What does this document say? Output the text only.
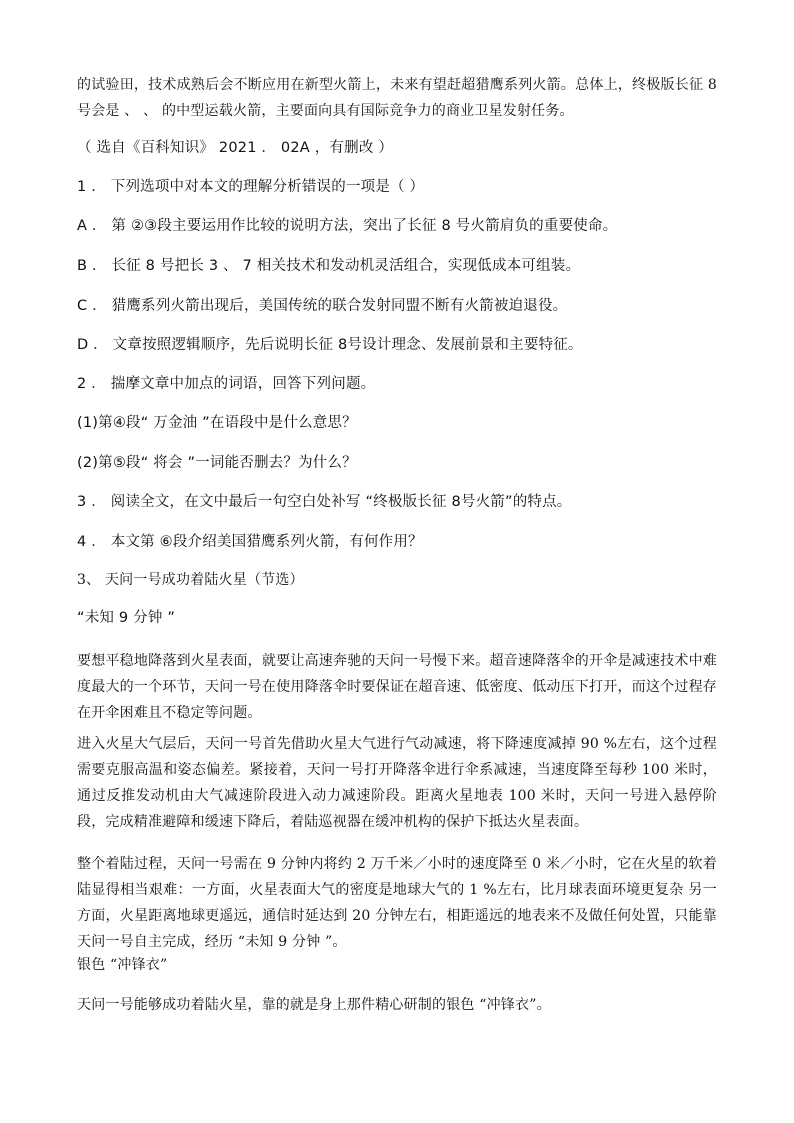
的试验田，技术成熟后会不断应用在新型火箭上，未来有望赶超猎鹰系列火箭。总体上，终极版长征 8 号会是 、 、 的中型运载火箭，主要面向具有国际竞争力的商业卫星发射任务。

（ 选自《百科知识》 2021 ． 02A ，有删改 ）

1 ． 下列选项中对本文的理解分析错误的一项是（ ）

A ． 第 ②③段主要运用作比较的说明方法，突出了长征 8 号火箭肩负的重要使命。

B ． 长征 8 号把长 3 、 7 相关技术和发动机灵活组合，实现低成本可组装。

C ． 猎鹰系列火箭出现后，美国传统的联合发射同盟不断有火箭被迫退役。

D ． 文章按照逻辑顺序，先后说明长征 8号设计理念、发展前景和主要特征。

2 ． 揣摩文章中加点的词语，回答下列问题。

(1)第④段“ 万金油 ”在语段中是什么意思？

(2)第⑤段“ 将会 ”一词能否删去？为什么？

3 ． 阅读全文，在文中最后一句空白处补写 “终极版长征 8号火箭”的特点。

4 ． 本文第 ⑥段介绍美国猎鹰系列火箭，有何作用？

3、 天问一号成功着陆火星（节选）

“未知 9 分钟 ”

要想平稳地降落到火星表面，就要让高速奔驰的天问一号慢下来。超音速降落伞的开伞是减速技术中难度最大的一个环节，天问一号在使用降落伞时要保证在超音速、低密度、低动压下打开，而这个过程存在开伞困难且不稳定等问题。

进入火星大气层后，天问一号首先借助火星大气进行气动减速，将下降速度减掉 90 %左右，这个过程需要克服高温和姿态偏差。紧接着，天问一号打开降落伞进行伞系减速，当速度降至每秒 100 米时，通过反推发动机由大气减速阶段进入动力减速阶段。距离火星地表 100 米时，天问一号进入悬停阶段，完成精准避障和缓速下降后，着陆巡视器在缓冲机构的保护下抵达火星表面。

整个着陆过程，天问一号需在 9 分钟内将约 2 万千米／小时的速度降至 0 米／小时，它在火星的软着陆显得相当艰难：一方面，火星表面大气的密度是地球大气的 1 %左右，比月球表面环境更复杂 另一方面，火星距离地球更遥远，通信时延达到 20 分钟左右，相距遥远的地表来不及做任何处置，只能靠天问一号自主完成，经历 “未知 9 分钟 ”。

银色 “冲锋衣”

天问一号能够成功着陆火星，靠的就是身上那件精心研制的银色 “冲锋衣”。
